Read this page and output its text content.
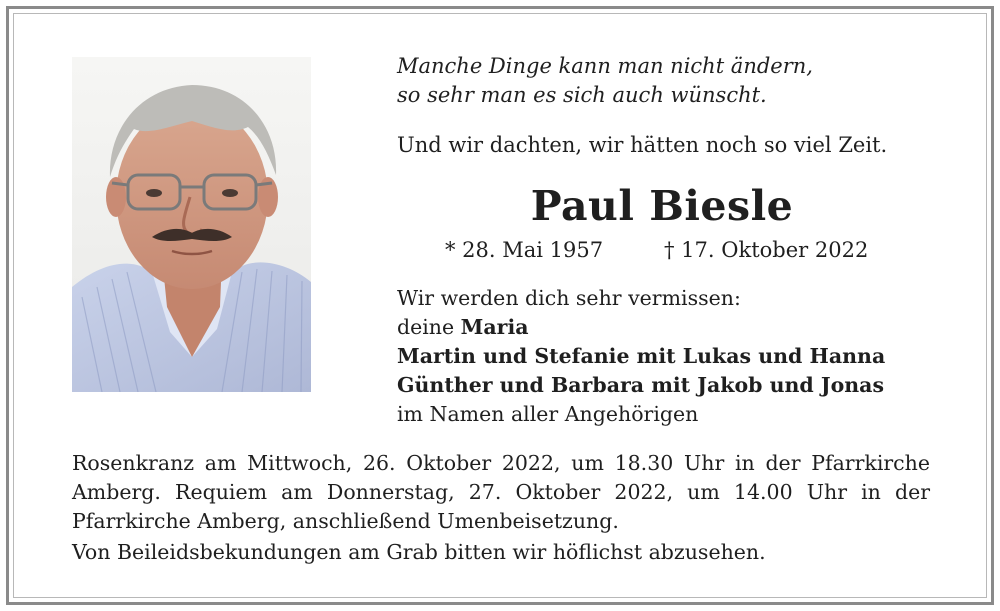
Manche Dinge kann man nicht ändern,
so sehr man es sich auch wünscht.
Und wir dachten, wir hätten noch so viel Zeit.
Paul Biesle
* 28. Mai 1957	† 17. Oktober 2022
Wir werden dich sehr vermissen:
deine Maria
Martin und Stefanie mit Lukas und Hanna
Günther und Barbara mit Jakob und Jonas
im Namen aller Angehörigen
Rosenkranz am Mittwoch, 26. Oktober 2022, um 18.30 Uhr in der Pfarrkirche
Amberg. Requiem am Donnerstag, 27. Oktober 2022, um 14.00 Uhr in der
Pfarrkirche Amberg, anschließend Umenbeisetzung.
Von Beileidsbekundungen am Grab bitten wir höflichst abzusehen.
